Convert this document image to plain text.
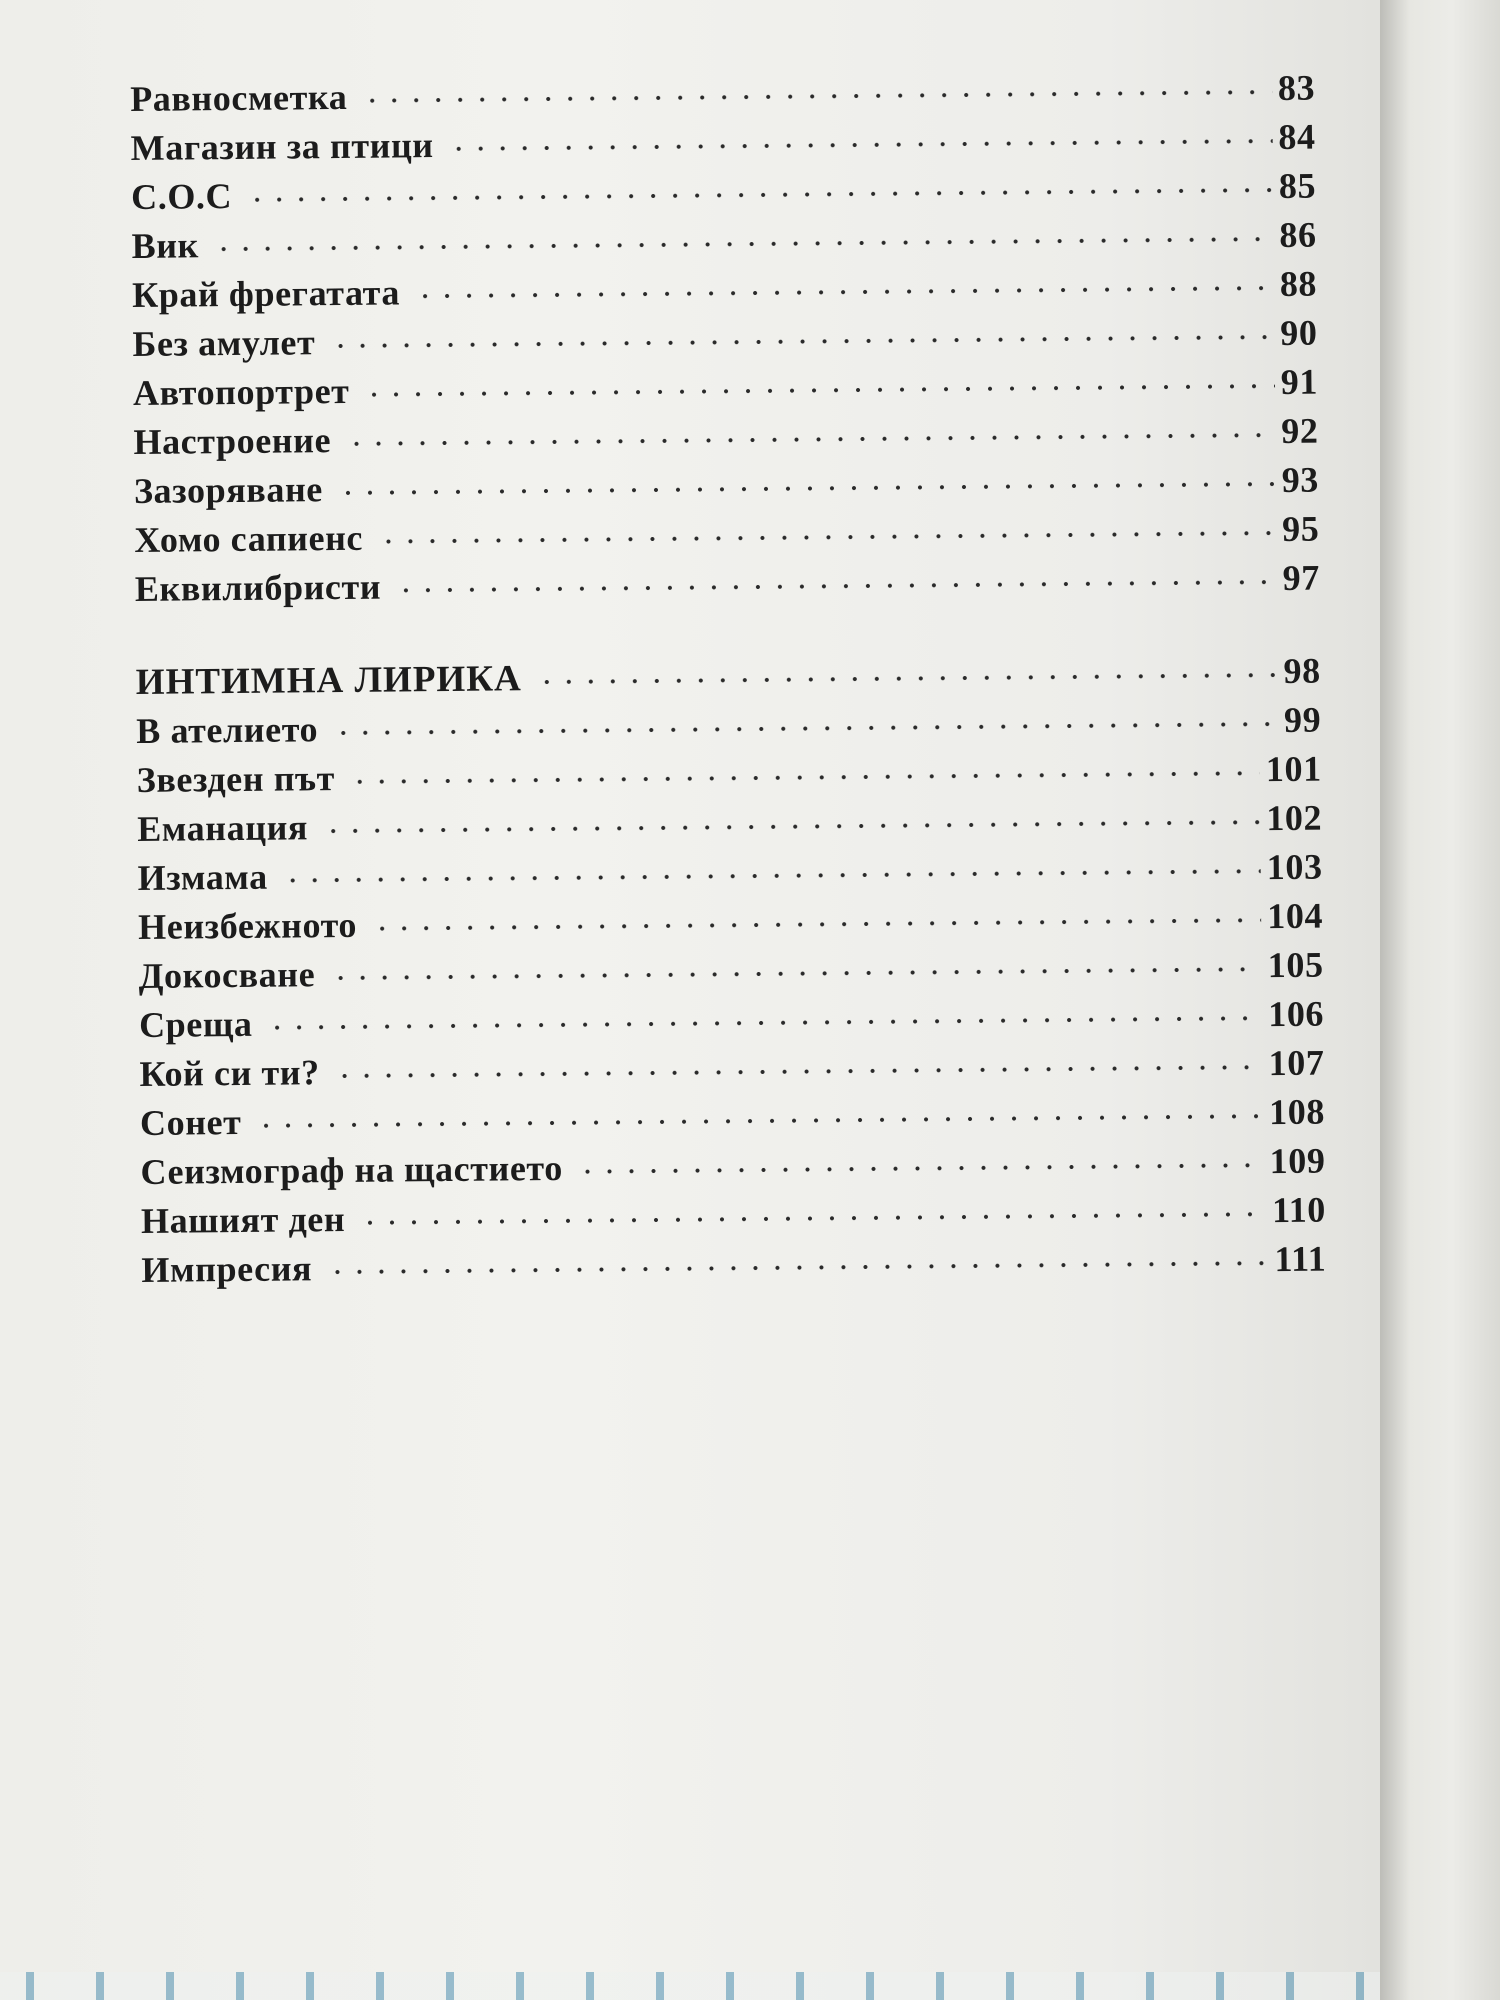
Равносметка	83
Магазин за птици	84
С.О.С	85
Вик	86
Край фрегатата	88
Без амулет	90
Автопортрет	91
Настроение	92
Зазоряване	93
Хомо сапиенс	95
Еквилибристи	97
ИНТИМНА ЛИРИКА	98
В ателието	99
Звезден път	101
Еманация	102
Измама	103
Неизбежното	104
Докосване	105
Среща	106
Кой си ти?	107
Сонет	108
Сеизмограф на щастието	109
Нашият ден	110
Импресия	111
